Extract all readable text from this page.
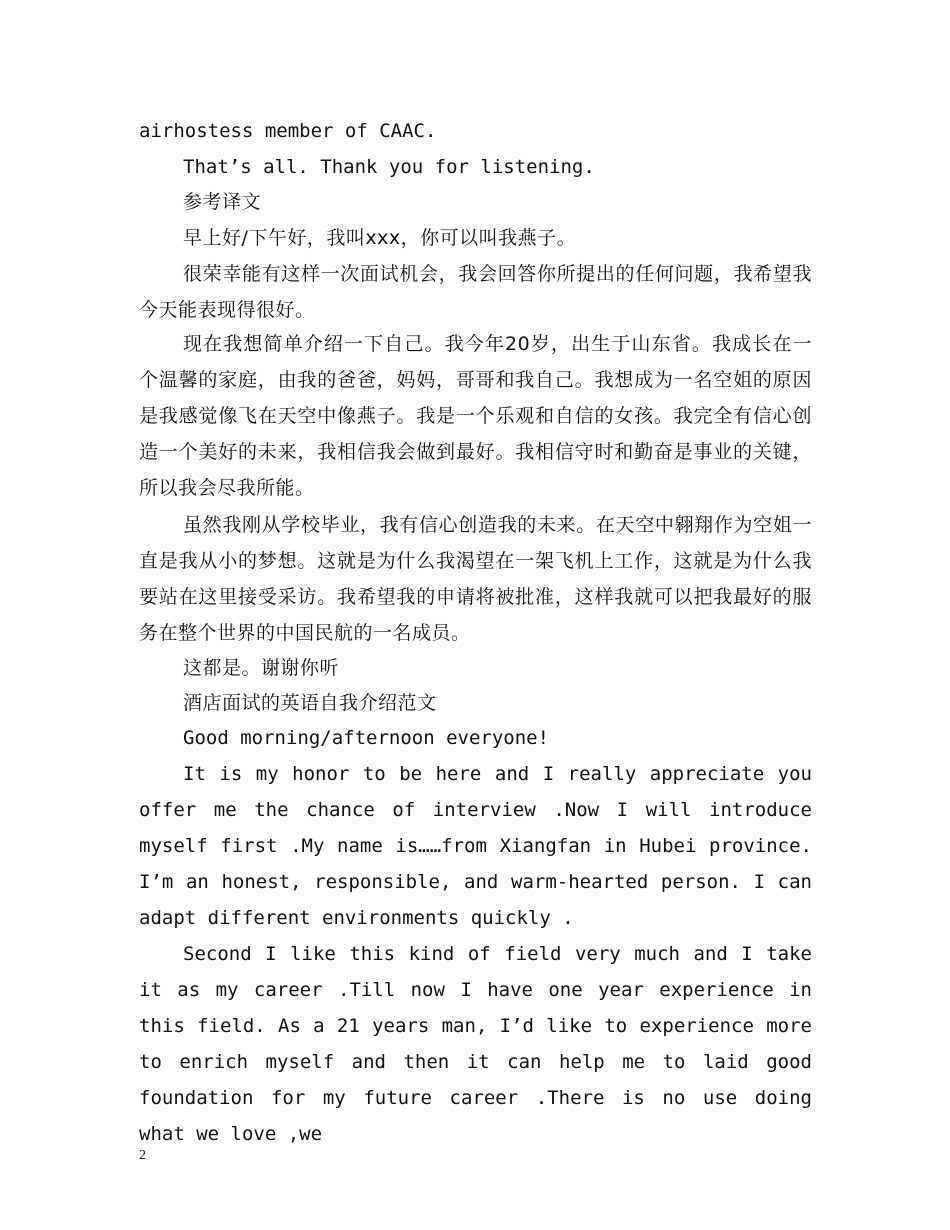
airhostess member of CAAC.

That’s all. Thank you for listening.

参考译文

早上好/下午好，我叫xxx，你可以叫我燕子。

很荣幸能有这样一次面试机会，我会回答你所提出的任何问题，我希望我今天能表现得很好。

现在我想简单介绍一下自己。我今年20岁，出生于山东省。我成长在一个温馨的家庭，由我的爸爸，妈妈，哥哥和我自己。我想成为一名空姐的原因是我感觉像飞在天空中像燕子。我是一个乐观和自信的女孩。我完全有信心创造一个美好的未来，我相信我会做到最好。我相信守时和勤奋是事业的关键，所以我会尽我所能。

虽然我刚从学校毕业，我有信心创造我的未来。在天空中翱翔作为空姐一直是我从小的梦想。这就是为什么我渴望在一架飞机上工作，这就是为什么我要站在这里接受采访。我希望我的申请将被批准，这样我就可以把我最好的服务在整个世界的中国民航的一名成员。

这都是。谢谢你听

酒店面试的英语自我介绍范文

Good morning/afternoon everyone!

It is my honor to be here and I really appreciate you offer me the chance of interview .Now I will introduce myself first .My name is……from Xiangfan in Hubei province. I’m an honest, responsible, and warm-hearted person. I can adapt different environments quickly .

Second I like this kind of field very much and I take it as my career .Till now I have one year experience in this field. As a 21 years man, I’d like to experience more to enrich myself and then it can help me to laid good foundation for my future career .There is no use doing what we love ,we

2
